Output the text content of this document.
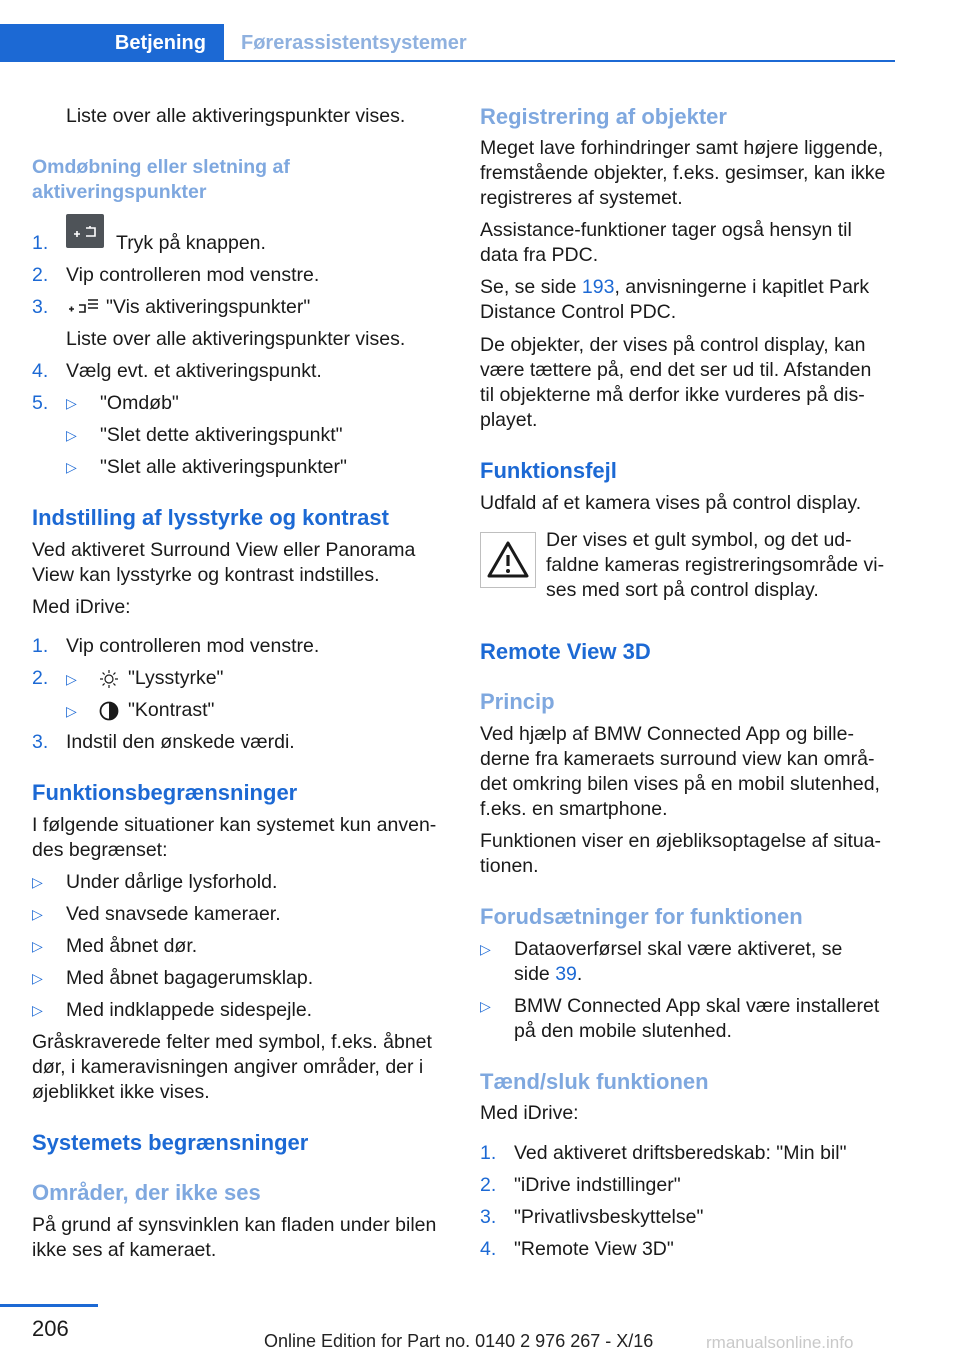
Betjening Førerassistentsystemer
Liste over alle aktiveringspunkter vises.
Omdøbning eller sletning af
aktiveringspunkter
1.	Tryk på knappen.
2. Vip controlleren mod venstre.
3.	"Vis aktiveringspunkter"
Liste over alle aktiveringspunkter vises.
4. Vælg evt. et aktiveringspunkt.
5. ▷ "Omdøb"
▷ "Slet dette aktiveringspunkt"
▷ "Slet alle aktiveringspunkter"
Indstilling af lysstyrke og kontrast
Ved aktiveret Surround View eller Panorama
View kan lysstyrke og kontrast indstilles.
Med iDrive:
1. Vip controlleren mod venstre.
2. ▷	"Lysstyrke"
▷	"Kontrast"
3. Indstil den ønskede værdi.
Funktionsbegrænsninger
I følgende situationer kan systemet kun anven‐
des begrænset:
▷ Under dårlige lysforhold.
▷ Ved snavsede kameraer.
▷ Med åbnet dør.
▷ Med åbnet bagagerumsklap.
▷ Med indklappede sidespejle.
Gråskraverede felter med symbol, f.eks. åbnet
dør, i kameravisningen angiver områder, der i
øjeblikket ikke vises.
Systemets begrænsninger
Områder, der ikke ses
På grund af synsvinklen kan fladen under bilen
ikke ses af kameraet.
Registrering af objekter
Meget lave forhindringer samt højere liggende,
fremstående objekter, f.eks. gesimser, kan ikke
registreres af systemet.
Assistance-funktioner tager også hensyn til
data fra PDC.
Se, se side 193, anvisningerne i kapitlet Park
Distance Control PDC.
De objekter, der vises på control display, kan
være tættere på, end det ser ud til. Afstanden
til objekterne må derfor ikke vurderes på dis‐
playet.
Funktionsfejl
Udfald af et kamera vises på control display.
Der vises et gult symbol, og det ud‐
faldne kameras registreringsområde vi‐
ses med sort på control display.
Remote View 3D
Princip
Ved hjælp af BMW Connected App og bille‐
derne fra kameraets surround view kan områ‐
det omkring bilen vises på en mobil slutenhed,
f.eks. en smartphone.
Funktionen viser en øjebliksoptagelse af situa‐
tionen.
Forudsætninger for funktionen
▷ Dataoverførsel skal være aktiveret, se
side 39.
▷ BMW Connected App skal være installeret
på den mobile slutenhed.
Tænd/sluk funktionen
Med iDrive:
1. Ved aktiveret driftsberedskab: "Min bil"
2. "iDrive indstillinger"
3. "Privatlivsbeskyttelse"
4. "Remote View 3D"
206	Online Edition for Part no. 0140 2 976 267 - X/16	rmanualsonline.info
